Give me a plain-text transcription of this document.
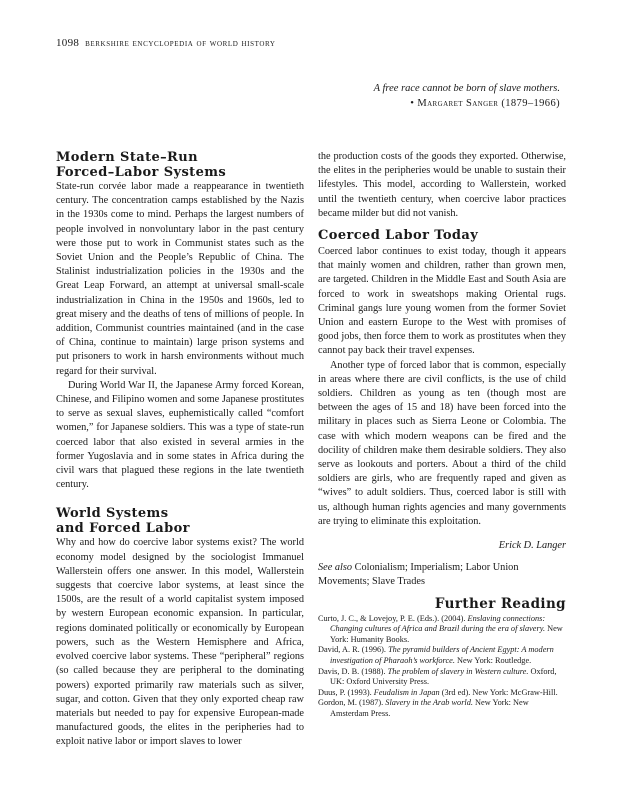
1098 berkshire encyclopedia of world history
A free race cannot be born of slave mothers.
• Margaret Sanger (1879–1966)
Modern State–Run
Forced–Labor Systems

State-run corvée labor made a reappearance in twentieth century. The concentration camps established by the Nazis in the 1930s come to mind. Perhaps the largest numbers of people involved in nonvoluntary labor in the past century were those put to work in Communist states such as the Soviet Union and the People’s Republic of China. The Stalinist industrialization policies in the 1930s and the Great Leap Forward, an attempt at universal small-scale industrialization in China in the 1950s and 1960s, led to great misery and the deaths of tens of millions of people. In addition, Communist countries maintained (and in the case of China, continue to maintain) large prison systems and put prisoners to work in harsh environments without much regard for their survival.

During World War II, the Japanese Army forced Korean, Chinese, and Filipino women and some Japanese prostitutes to serve as sexual slaves, euphemistically called “comfort women,” for Japanese soldiers. This was a type of state-run coerced labor that also existed in several armies in the former Yugoslavia and in some states in Africa during the civil wars that plagued these regions in the late twentieth century.

World Systems
and Forced Labor

Why and how do coercive labor systems exist? The world economy model designed by the sociologist Immanuel Wallerstein offers one answer. In this model, Wallerstein suggests that coercive labor systems, at least since the 1500s, are the result of a world capitalist system imposed by western European economic expansion. In particular, regions dominated politically or economically by European powers, such as the Western Hemisphere and Africa, evolved coercive labor systems. These “peripheral” regions (so called because they are peripheral to the dominating powers) exported primarily raw materials such as silver, sugar, and cotton. Given that they only exported cheap raw materials but needed to pay for expensive European-made manufactured goods, the elites in the peripheries had to exploit native labor or import slaves to lower

the production costs of the goods they exported. Otherwise, the elites in the peripheries would be unable to sustain their lifestyles. This model, according to Wallerstein, worked until the twentieth century, when coercive labor practices became milder but did not vanish.

Coerced Labor Today

Coerced labor continues to exist today, though it appears that mainly women and children, rather than grown men, are targeted. Children in the Middle East and South Asia are forced to work in sweatshops making Oriental rugs. Criminal gangs lure young women from the former Soviet Union and eastern Europe to the West with promises of good jobs, then force them to work as prostitutes when they cannot pay back their travel expenses.

Another type of forced labor that is common, especially in areas where there are civil conflicts, is the use of child soldiers. Children as young as ten (though most are between the ages of 15 and 18) have been forced into the military in places such as Sierra Leone or Colombia. The case with which modern weapons can be fired and the docility of children make them desirable soldiers. They also serve as lookouts and porters. About a third of the child soldiers are girls, who are frequently raped and given as “wives” to adult soldiers. Thus, coerced labor is still with us, although human rights agencies and many governments are trying to eliminate this exploitation.

Erick D. Langer
See also Colonialism; Imperialism; Labor Union Movements; Slave Trades
Further Reading

Curto, J. C., & Lovejoy, P. E. (Eds.). (2004). Enslaving connections: Changing cultures of Africa and Brazil during the era of slavery. New York: Humanity Books.

David, A. R. (1996). The pyramid builders of Ancient Egypt: A modern investigation of Pharaoh’s workforce. New York: Routledge.

Davis, D. B. (1988). The problem of slavery in Western culture. Oxford, UK: Oxford University Press.

Duus, P. (1993). Feudalism in Japan (3rd ed). New York: McGraw-Hill.

Gordon, M. (1987). Slavery in the Arab world. New York: New Amsterdam Press.
